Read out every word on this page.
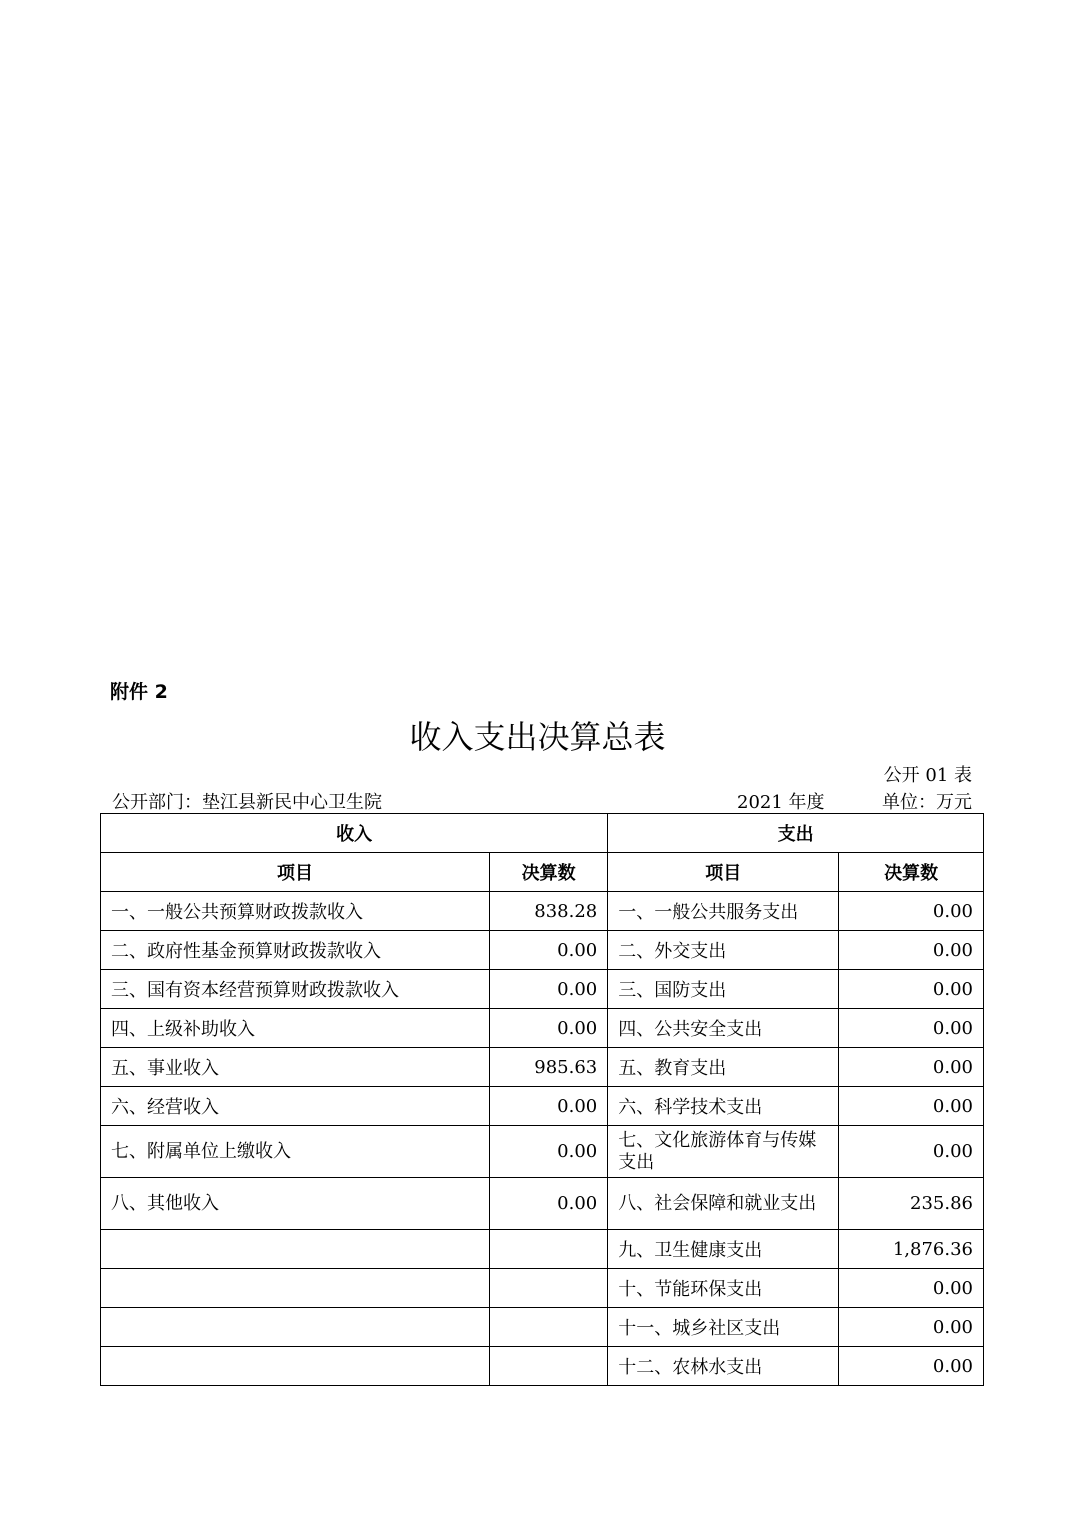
附件 2
收入支出决算总表
公开 01 表
公开部门：垫江县新民中心卫生院	2021 年度	单位：万元
收入		支出	
项目	决算数	项目	决算数
一、一般公共预算财政拨款收入	838.28	一、一般公共服务支出	0.00
二、政府性基金预算财政拨款收入	0.00	二、外交支出	0.00
三、国有资本经营预算财政拨款收入	0.00	三、国防支出	0.00
四、上级补助收入	0.00	四、公共安全支出	0.00
五、事业收入	985.63	五、教育支出	0.00
六、经营收入	0.00	六、科学技术支出	0.00
七、附属单位上缴收入	0.00	七、文化旅游体育与传媒支出	0.00
八、其他收入	0.00	八、社会保障和就业支出	235.86
		九、卫生健康支出	1,876.36
		十、节能环保支出	0.00
		十一、城乡社区支出	0.00
		十二、农林水支出	0.00
